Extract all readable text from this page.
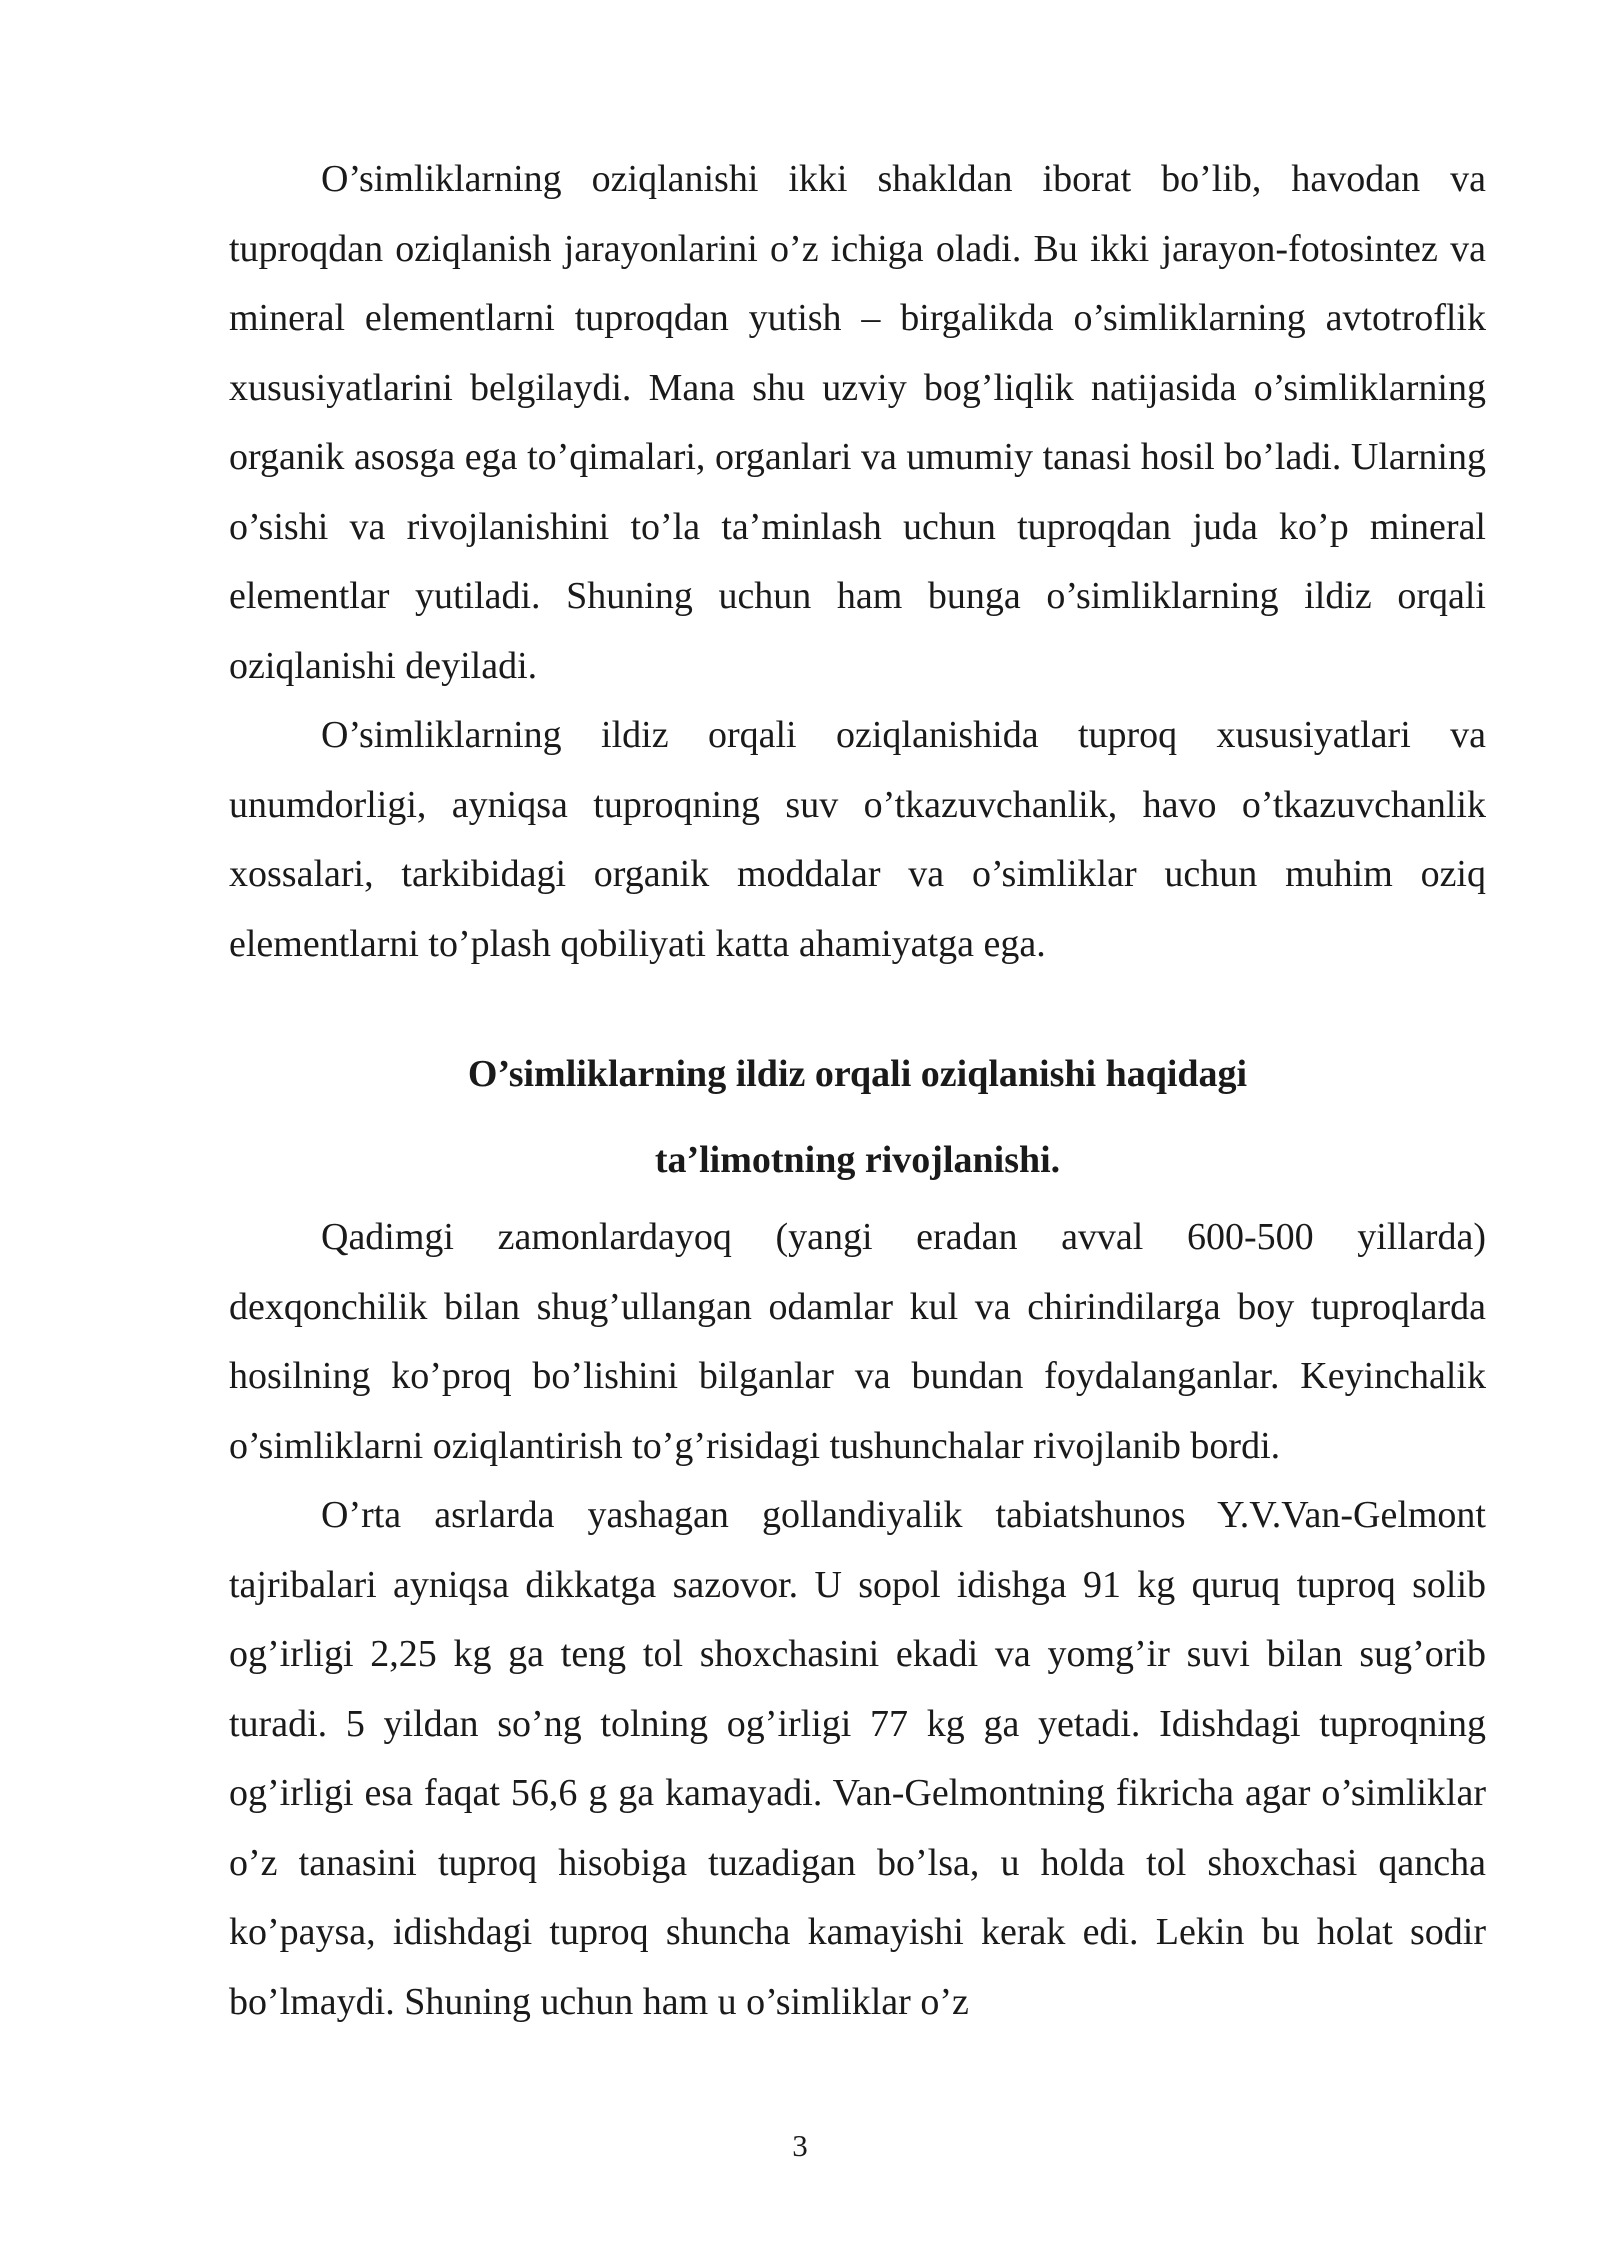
O’simliklarning oziqlanishi ikki shakldan iborat bo’lib, havodan va tuproqdan oziqlanish jarayonlarini o’z ichiga oladi. Bu ikki jarayon-fotosintez va mineral elementlarni tuproqdan yutish – birgalikda o’simliklarning avtotroflik xususiyatlarini belgilaydi. Mana shu uzviy bog’liqlik natijasida o’simliklarning organik asosga ega to’qimalari, organlari va umumiy tanasi hosil bo’ladi. Ularning o’sishi va rivojlanishini to’la ta’minlash uchun tuproqdan juda ko’p mineral elementlar yutiladi. Shuning uchun ham bunga o’simliklarning ildiz orqali oziqlanishi deyiladi.

O’simliklarning ildiz orqali oziqlanishida tuproq xususiyatlari va unumdorligi, ayniqsa tuproqning suv o’tkazuvchanlik, havo o’tkazuvchanlik xossalari, tarkibidagi organik moddalar va o’simliklar uchun muhim oziq elementlarni to’plash qobiliyati katta ahamiyatga ega.

O’simliklarning ildiz orqali oziqlanishi haqidagi

ta’limotning rivojlanishi.

Qadimgi zamonlardayoq (yangi eradan avval 600-500 yillarda) dexqonchilik bilan shug’ullangan odamlar kul va chirindilarga boy tuproqlarda hosilning ko’proq bo’lishini bilganlar va bundan foydalanganlar. Keyinchalik o’simliklarni oziqlantirish to’g’risidagi tushunchalar rivojlanib bordi.

O’rta asrlarda yashagan gollandiyalik tabiatshunos Y.V.Van-Gelmont tajribalari ayniqsa dikkatga sazovor. U sopol idishga 91 kg quruq tuproq solib og’irligi 2,25 kg ga teng tol shoxchasini ekadi va yomg’ir suvi bilan sug’orib turadi. 5 yildan so’ng tolning og’irligi 77 kg ga yetadi. Idishdagi tuproqning og’irligi esa faqat 56,6 g ga kamayadi. Van-Gelmontning fikricha agar o’simliklar o’z tanasini tuproq hisobiga tuzadigan bo’lsa, u holda tol shoxchasi qancha ko’paysa, idishdagi tuproq shuncha kamayishi kerak edi. Lekin bu holat sodir bo’lmaydi. Shuning uchun ham u o’simliklar o’z

3
